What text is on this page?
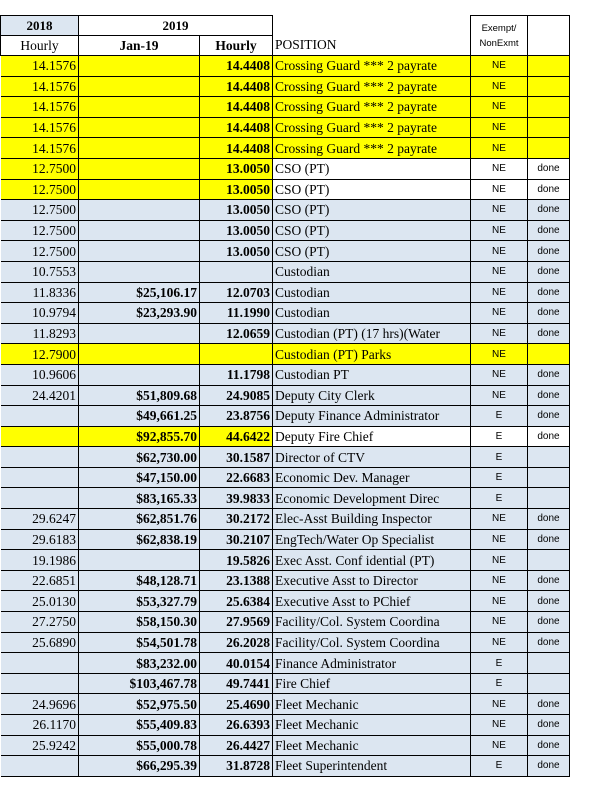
2018	2019			Exempt/
NonExmt	

Hourly	Jan-19	Hourly	POSITION		
14.1576		14.4408	Crossing Guard *** 2 payrate	NE	
14.1576		14.4408	Crossing Guard *** 2 payrate	NE	
14.1576		14.4408	Crossing Guard *** 2 payrate	NE	
14.1576		14.4408	Crossing Guard *** 2 payrate	NE	
14.1576		14.4408	Crossing Guard *** 2 payrate	NE	
12.7500		13.0050	CSO (PT)	NE	done
12.7500		13.0050	CSO (PT)	NE	done
12.7500		13.0050	CSO (PT)	NE	done
12.7500		13.0050	CSO (PT)	NE	done
12.7500		13.0050	CSO (PT)	NE	done
10.7553			Custodian	NE	done
11.8336	$25,106.17	12.0703	Custodian	NE	done
10.9794	$23,293.90	11.1990	Custodian	NE	done
11.8293		12.0659	Custodian (PT) (17 hrs)(Water	NE	done
12.7900			Custodian (PT) Parks	NE	
10.9606		11.1798	Custodian PT	NE	done
24.4201	$51,809.68	24.9085	Deputy City Clerk	NE	done
	$49,661.25	23.8756	Deputy Finance Administrator	E	done
	$92,855.70	44.6422	Deputy Fire Chief	E	done
	$62,730.00	30.1587	Director of CTV	E	
	$47,150.00	22.6683	Economic Dev. Manager	E	
	$83,165.33	39.9833	Economic Development Direc	E	
29.6247	$62,851.76	30.2172	Elec-Asst Building Inspector	NE	done
29.6183	$62,838.19	30.2107	EngTech/Water Op Specialist	NE	done
19.1986		19.5826	Exec Asst. Conf idential (PT)	NE	
22.6851	$48,128.71	23.1388	Executive Asst to Director	NE	done
25.0130	$53,327.79	25.6384	Executive Asst to PChief	NE	done
27.2750	$58,150.30	27.9569	Facility/Col. System Coordina	NE	done
25.6890	$54,501.78	26.2028	Facility/Col. System Coordina	NE	done
	$83,232.00	40.0154	Finance Administrator	E	
	$103,467.78	49.7441	Fire Chief	E	
24.9696	$52,975.50	25.4690	Fleet Mechanic	NE	done
26.1170	$55,409.83	26.6393	Fleet Mechanic	NE	done
25.9242	$55,000.78	26.4427	Fleet Mechanic	NE	done
	$66,295.39	31.8728	Fleet Superintendent	E	done
